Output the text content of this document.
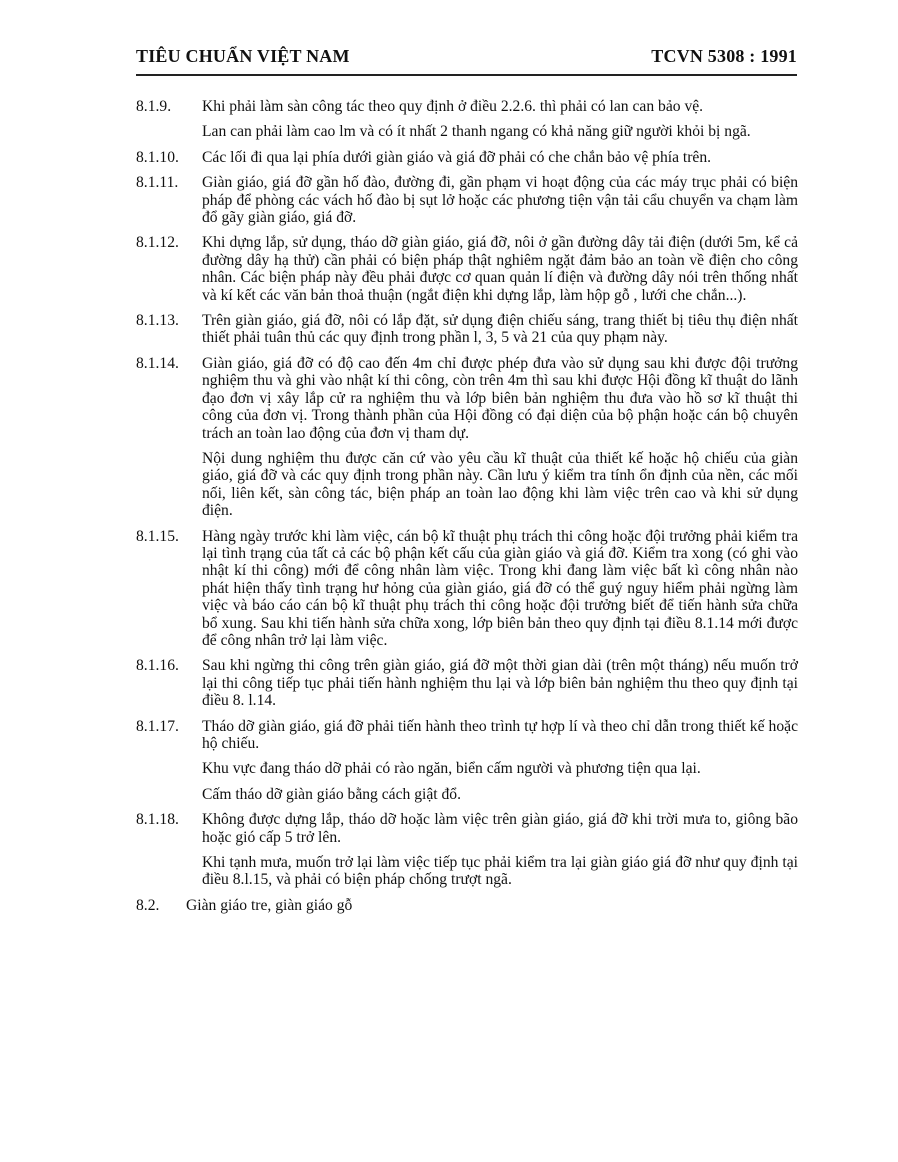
TIÊU CHUẨN VIỆT NAM	TCVN 5308 : 1991
8.1.9.	Khi phải làm sàn công tác theo quy định ở điều 2.2.6. thì phải có lan can bảo vệ.

Lan can phải làm cao lm và có ít nhất 2 thanh ngang có khả năng giữ người khỏi bị ngã.

8.1.10.	Các lối đi qua lại phía dưới giàn giáo và giá đỡ phải có che chắn bảo vệ phía trên.

8.1.11.	Giàn giáo, giá đỡ gần hố đào, đường đi, gần phạm vi hoạt động của các máy trục phải có biện pháp để phòng các vách hố đào bị sụt lở hoặc các phương tiện vận tải cẩu chuyển va chạm làm đổ gãy giàn giáo, giá đỡ.

8.1.12.	Khi dựng lắp, sử dụng, tháo dỡ giàn giáo, giá đỡ, nôi ở gần đường dây tải điện (dưới 5m, kể cả đường dây hạ thử) cần phải có biện pháp thật nghiêm ngặt đảm bảo an toàn về điện cho công nhân. Các biện pháp này đều phải được cơ quan quản lí điện và đường dây nói trên thống nhất và kí kết các văn bản thoả thuận (ngắt điện khi dựng lắp, làm hộp gỗ , lưới che chắn...).

8.1.13.	Trên giàn giáo, giá đỡ, nôi có lắp đặt, sử dụng điện chiếu sáng, trang thiết bị tiêu thụ điện nhất thiết phải tuân thủ các quy định trong phần l, 3, 5 và 21 của quy phạm này.

8.1.14.	Giàn giáo, giá đỡ có độ cao đến 4m chỉ được phép đưa vào sử dụng sau khi được đội trưởng nghiệm thu và ghi vào nhật kí thi công, còn trên 4m thì sau khi được Hội đồng kĩ thuật do lãnh đạo đơn vị xây lắp cử ra nghiệm thu và lớp biên bản nghiệm thu đưa vào hồ sơ kĩ thuật thi công của đơn vị. Trong thành phần của Hội đồng có đại diện của bộ phận hoặc cán bộ chuyên trách an toàn lao động của đơn vị tham dự.

Nội dung nghiệm thu được căn cứ vào yêu cầu kĩ thuật của thiết kế hoặc hộ chiếu của giàn giáo, giá đỡ và các quy định trong phần này. Cần lưu ý kiểm tra tính ổn định của nền, các mối nối, liên kết, sàn công tác, biện pháp an toàn lao động khi làm việc trên cao và khi sử dụng điện.

8.1.15.	Hàng ngày trước khi làm việc, cán bộ kĩ thuật phụ trách thi công hoặc đội trưởng phải kiểm tra lại tình trạng của tất cả các bộ phận kết cấu của giàn giáo và giá đỡ. Kiểm tra xong (có ghi vào nhật kí thi công) mới để công nhân làm việc. Trong khi đang làm việc bất kì công nhân nào phát hiện thấy tình trạng hư hỏng của giàn giáo, giá đỡ có thể guý nguy hiểm phải ngừng làm việc và báo cáo cán bộ kĩ thuật phụ trách thi công hoặc đội trưởng biết để tiến hành sửa chữa bổ xung. Sau khi tiến hành sửa chữa xong, lớp biên bản theo quy định tại điều 8.1.14 mới được để công nhân trở lại làm việc.

8.1.16.	Sau khi ngừng thi công trên giàn giáo, giá đỡ một thời gian dài (trên một tháng) nếu muốn trở lại thi công tiếp tục phải tiến hành nghiệm thu lại và lớp biên bản nghiệm thu theo quy định tại điều 8. l.14.

8.1.17.	Tháo dỡ giàn giáo, giá đỡ phải tiến hành theo trình tự hợp lí và theo chỉ dẫn trong thiết kế hoặc hộ chiếu.

Khu vực đang tháo dỡ phải có rào ngăn, biển cấm người và phương tiện qua lại.

Cấm tháo dỡ giàn giáo bằng cách giật đổ.

8.1.18.	Không được dựng lắp, tháo dỡ hoặc làm việc trên giàn giáo, giá đỡ khi trời mưa to, giông bão hoặc gió cấp 5 trở lên.

Khi tạnh mưa, muốn trở lại làm việc tiếp tục phải kiểm tra lại giàn giáo giá đỡ như quy định tại điều 8.l.15, và phải có biện pháp chống trượt ngã.

8.2.	Giàn giáo tre, giàn giáo gỗ
